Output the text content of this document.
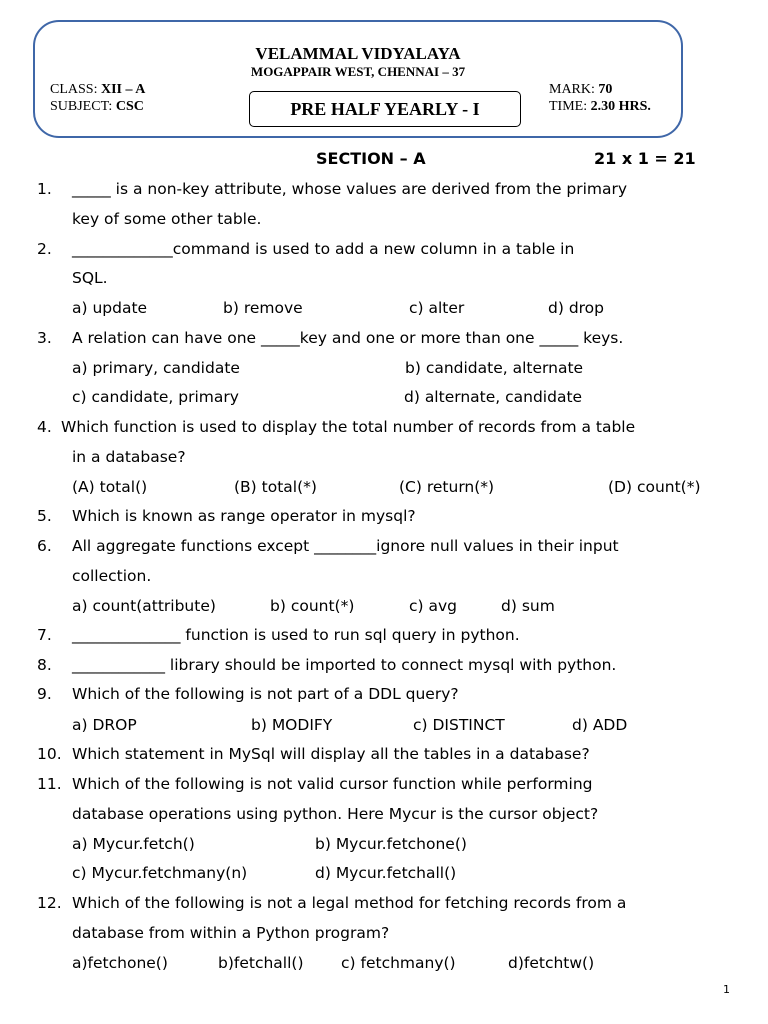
VELAMMAL VIDYALAYA
MOGAPPAIR WEST, CHENNAI – 37
CLASS: XII – A
SUBJECT: CSC	PRE HALF YEARLY - I
MARK: 70
TIME: 2.30 HRS.
SECTION – A	21 x 1 = 21
1. _____ is a non-key attribute, whose values are derived from the primary
key of some other table.
2. _____________command is used to add a new column in a table in
SQL.
a) update	b) remove	c) alter	d) drop
3. A relation can have one _____key and one or more than one _____ keys.
a) primary, candidate	b) candidate, alternate
c) candidate, primary	d) alternate, candidate
4. Which function is used to display the total number of records from a table
in a database?
(A) total()	(B) total(*)	(C) return(*)	(D) count(*)
5. Which is known as range operator in mysql?
6. All aggregate functions except ________ignore null values in their input
collection.
a) count(attribute)	b) count(*)	c) avg	d) sum
7. ______________ function is used to run sql query in python.
8. ____________ library should be imported to connect mysql with python.
9. Which of the following is not part of a DDL query?
a) DROP	b) MODIFY	c) DISTINCT	d) ADD
10. Which statement in MySql will display all the tables in a database?
11. Which of the following is not valid cursor function while performing
database operations using python. Here Mycur is the cursor object?
a) Mycur.fetch()	b) Mycur.fetchone()
c) Mycur.fetchmany(n)	d) Mycur.fetchall()
12. Which of the following is not a legal method for fetching records from a
database from within a Python program?
a)fetchone()	b)fetchall() c) fetchmany()	d)fetchtw()
1
